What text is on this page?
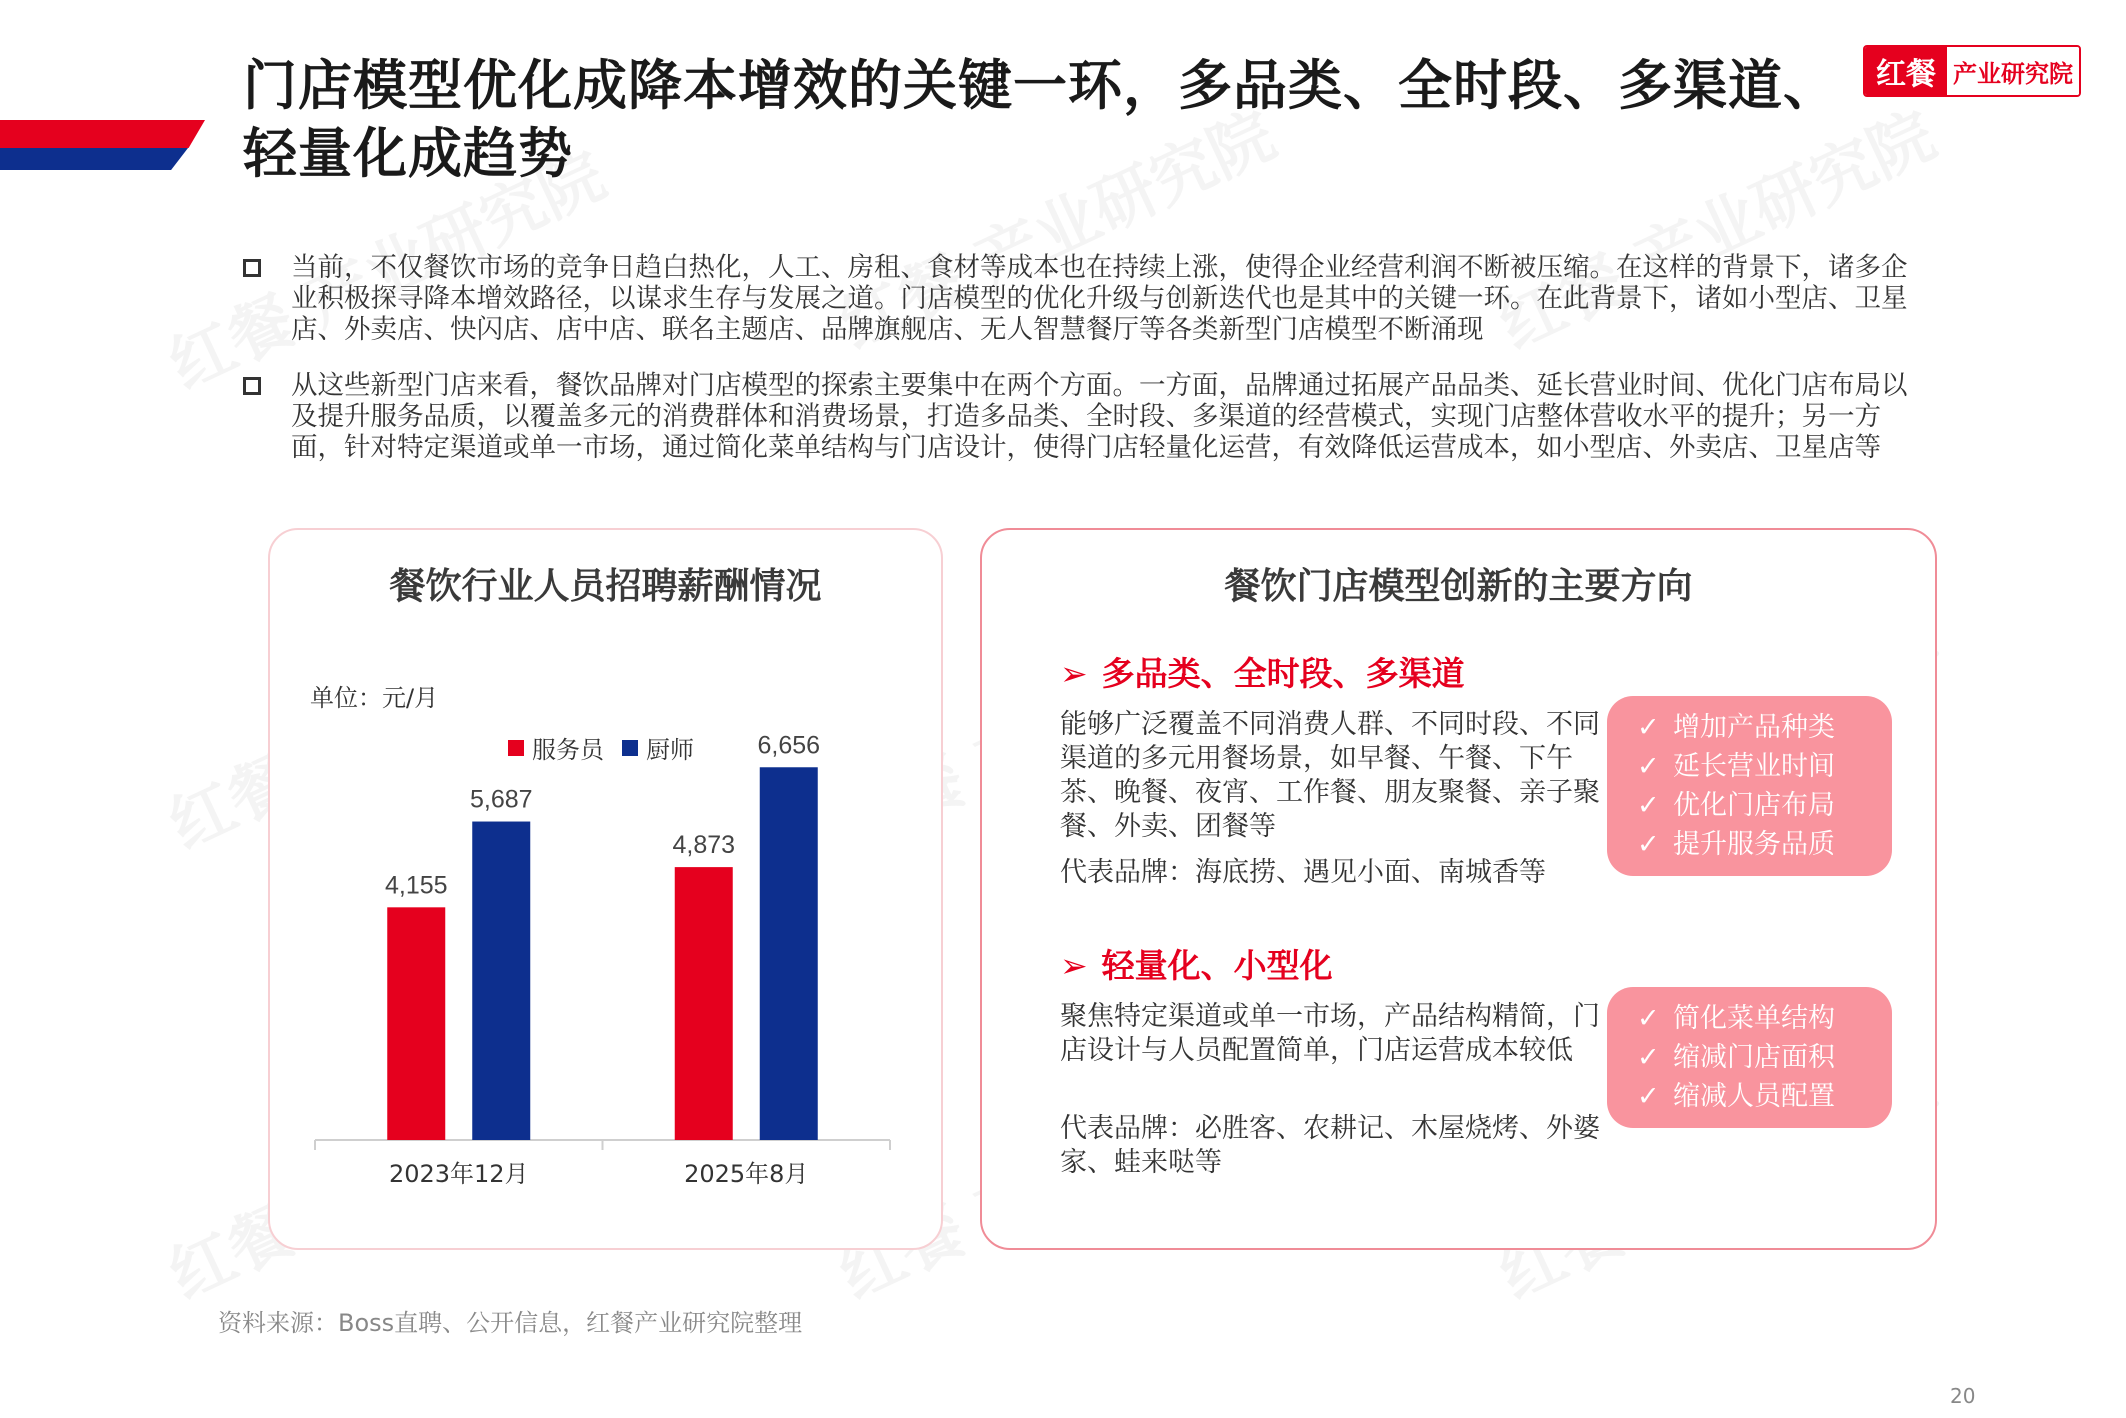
门店模型优化成降本增效的关键一环，多品类、全时段、多渠道、轻量化成趋势
红餐 产业研究院
当前，不仅餐饮市场的竞争日趋白热化，人工、房租、食材等成本也在持续上涨，使得企业经营利润不断被压缩。在这样的背景下，诸多企业积极探寻降本增效路径，以谋求生存与发展之道。门店模型的优化升级与创新迭代也是其中的关键一环。在此背景下，诸如小型店、卫星店、外卖店、快闪店、店中店、联名主题店、品牌旗舰店、无人智慧餐厅等各类新型门店模型不断涌现
从这些新型门店来看，餐饮品牌对门店模型的探索主要集中在两个方面。一方面，品牌通过拓展产品品类、延长营业时间、优化门店布局以及提升服务品质，以覆盖多元的消费群体和消费场景，打造多品类、全时段、多渠道的经营模式，实现门店整体营收水平的提升；另一方面，针对特定渠道或单一市场，通过简化菜单结构与门店设计，使得门店轻量化运营，有效降低运营成本，如小型店、外卖店、卫星店等
餐饮行业人员招聘薪酬情况
单位：元/月
服务员 厨师
4,155
5,687
2023年12月
4,873
6,656
2025年8月
餐饮门店模型创新的主要方向
➢ 多品类、全时段、多渠道
能够广泛覆盖不同消费人群、不同时段、不同渠道的多元用餐场景，如早餐、午餐、下午茶、晚餐、夜宵、工作餐、朋友聚餐、亲子聚餐、外卖、团餐等
代表品牌：海底捞、遇见小面、南城香等
✓ 增加产品种类
✓ 延长营业时间
✓ 优化门店布局
✓ 提升服务品质
➢ 轻量化、小型化
聚焦特定渠道或单一市场，产品结构精简，门店设计与人员配置简单，门店运营成本较低
代表品牌：必胜客、农耕记、木屋烧烤、外婆家、蛙来哒等
✓ 简化菜单结构
✓ 缩减门店面积
✓ 缩减人员配置
资料来源：Boss直聘、公开信息，红餐产业研究院整理
20
